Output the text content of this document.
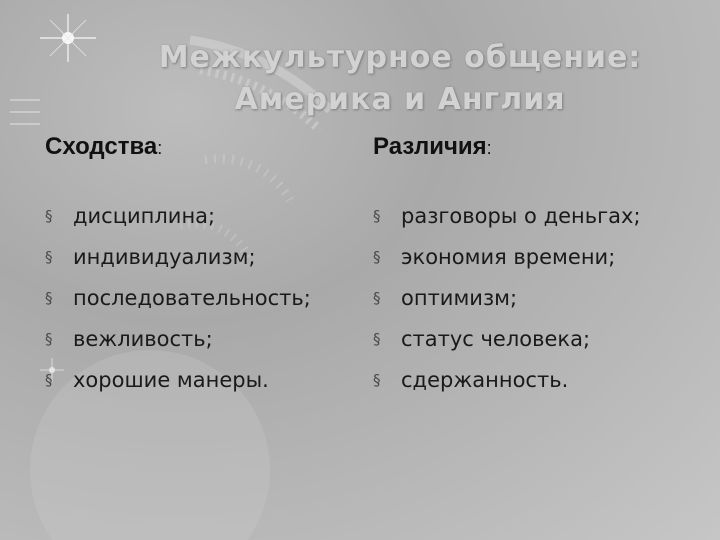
Межкультурное общение:
Америка и Англия
Сходства:	Различия:
§ дисциплина;
§ индивидуализм;
§ последовательность;
§ вежливость;
§ хорошие манеры.
§ разговоры о деньгах;
§ экономия времени;
§ оптимизм;
§ статус человека;
§ сдержанность.
